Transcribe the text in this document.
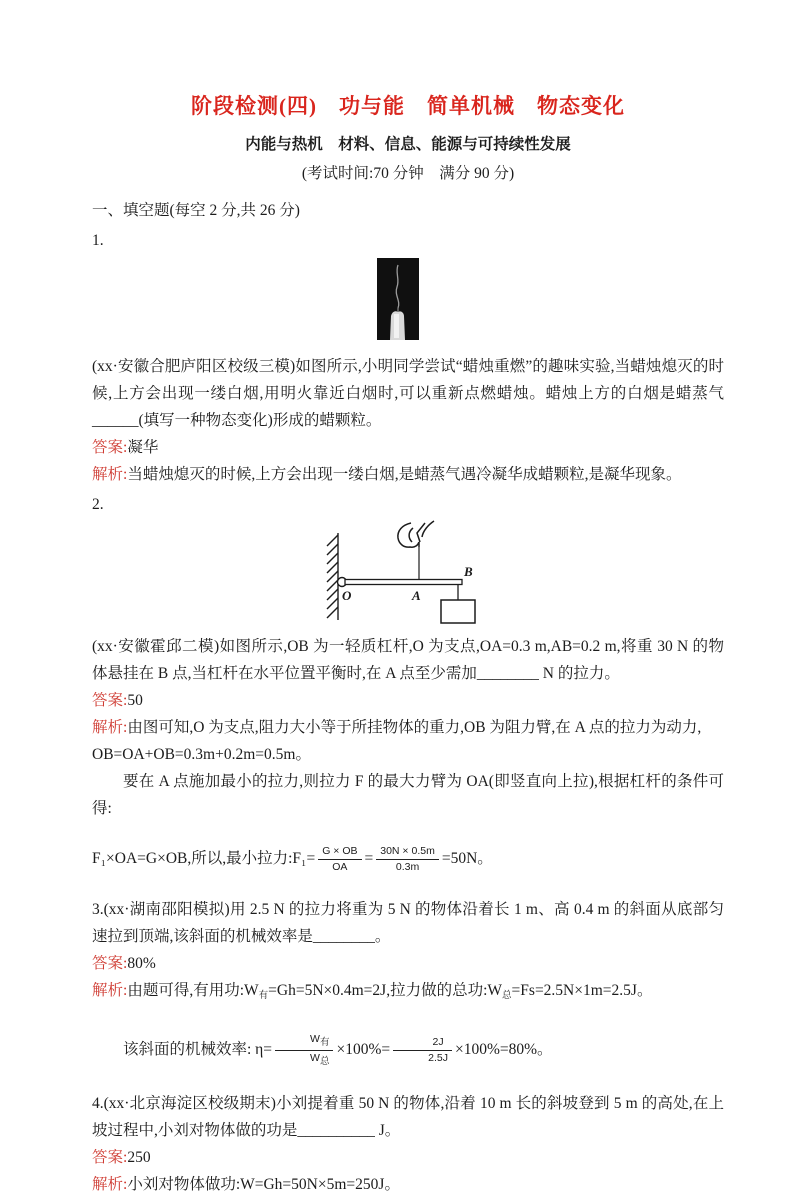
阶段检测(四)　功与能　简单机械　物态变化
内能与热机　材料、信息、能源与可持续性发展
(考试时间:70 分钟　满分 90 分)
一、填空题(每空 2 分,共 26 分)
1.

(xx·安徽合肥庐阳区校级三模)如图所示,小明同学尝试“蜡烛重燃”的趣味实验,当蜡烛熄灭的时候,上方会出现一缕白烟,用明火靠近白烟时,可以重新点燃蜡烛。蜡烛上方的白烟是蜡蒸气______(填写一种物态变化)形成的蜡颗粒。

答案:凝华

解析:当蜡烛熄灭的时候,上方会出现一缕白烟,是蜡蒸气遇冷凝华成蜡颗粒,是凝华现象。

2.
O	A
B

(xx·安徽霍邱二模)如图所示,OB 为一轻质杠杆,O 为支点,OA=0.3 m,AB=0.2 m,将重 30 N 的物体悬挂在 B 点,当杠杆在水平位置平衡时,在 A 点至少需加________ N 的拉力。

答案:50

解析:由图可知,O 为支点,阻力大小等于所挂物体的重力,OB 为阻力臂,在 A 点的拉力为动力,

OB=OA+OB=0.3m+0.2m=0.5m。

要在 A 点施加最小的拉力,则拉力 F 的最大力臂为 OA(即竖直向上拉),根据杠杆的条件可得:

F₁×OA=G×OB,所以,最小拉力:F₁= $\frac{G \times OB}{OA} = \frac{30N \times 0.5m}{0.3m} =50N$。

3.(xx·湖南邵阳模拟)用 2.5 N 的拉力将重为 5 N 的物体沿着长 1 m、高 0.4 m 的斜面从底部匀速拉到顶端,该斜面的机械效率是________。

答案:80%

解析:由题可得,有用功$:W_有=Gh=5N\times 0.4m=2J$,拉力做的总功$:W_总=Fs=2.5N\times 1m=2.5J$。

该斜面的机械效率: $\eta= \frac{\text{W有}}{\text{W总}} \times 100\%= \frac{2J}{2.5J} \times 100\%=80\%$。

4.(xx·北京海淀区校级期末)小刘提着重 50 N 的物体,沿着 10 m 长的斜坡登到 5 m 的高处,在上坡过程中,小刘对物体做的功是__________ J。

答案:250

解析:小刘对物体做功:W=Gh=50N×5m=250J。
